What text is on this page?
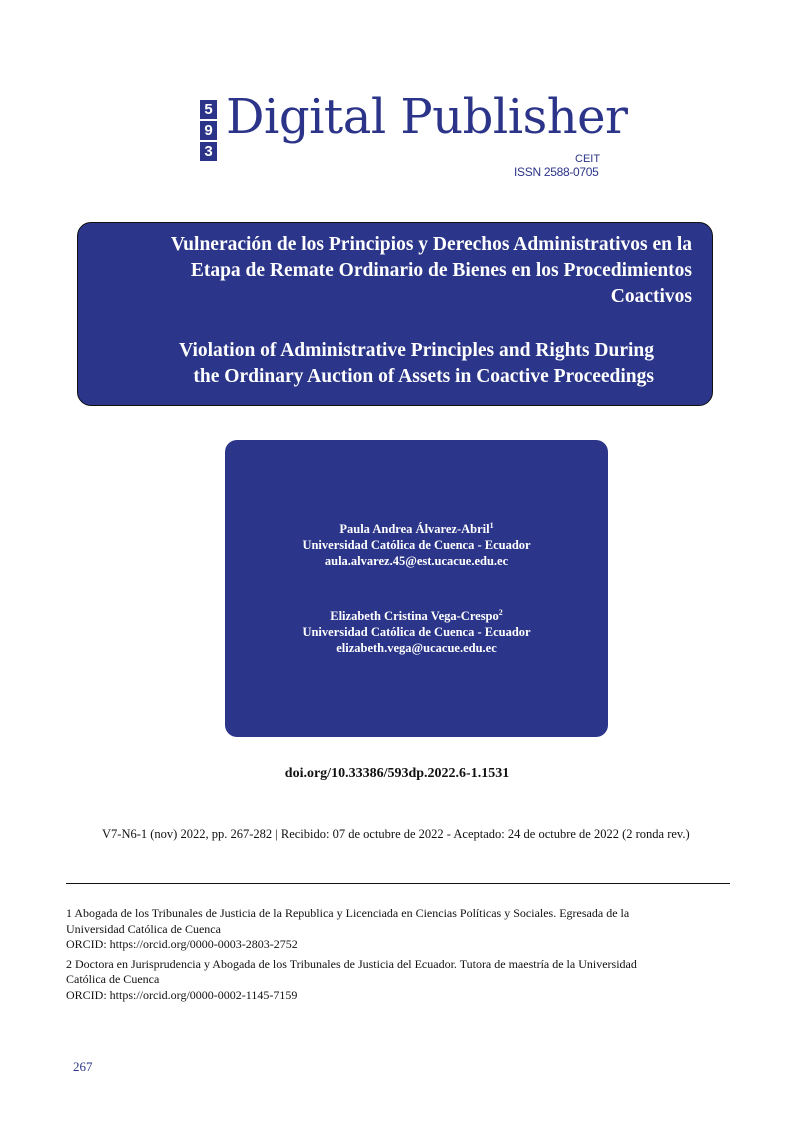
5
9
3
Digital Publisher
CEIT
ISSN 2588-0705
Vulneración de los Principios y Derechos Administrativos en la
Etapa de Remate Ordinario de Bienes en los Procedimientos
Coactivos
Violation of Administrative Principles and Rights During
the Ordinary Auction of Assets in Coactive Proceedings
Paula Andrea Álvarez-Abril$^1$
Universidad Católica de Cuenca - Ecuador
aula.alvarez.45@est.ucacue.edu.ec
Elizabeth Cristina Vega-Crespo$^2$
Universidad Católica de Cuenca - Ecuador
elizabeth.vega@ucacue.edu.ec
doi.org/10.33386/593dp.2022.6-1.1531
V7-N6-1 (nov) 2022, pp. 267-282 | Recibido: 07 de octubre de 2022 - Aceptado: 24 de octubre de 2022 (2 ronda rev.)
1 Abogada de los Tribunales de Justicia de la Republica y Licenciada en Ciencias Políticas y Sociales. Egresada de la
Universidad Católica de Cuenca
ORCID: https://orcid.org/0000-0003-2803-2752
2 Doctora en Jurisprudencia y Abogada de los Tribunales de Justicia del Ecuador. Tutora de maestría de la Universidad
Católica de Cuenca
ORCID: https://orcid.org/0000-0002-1145-7159
267
